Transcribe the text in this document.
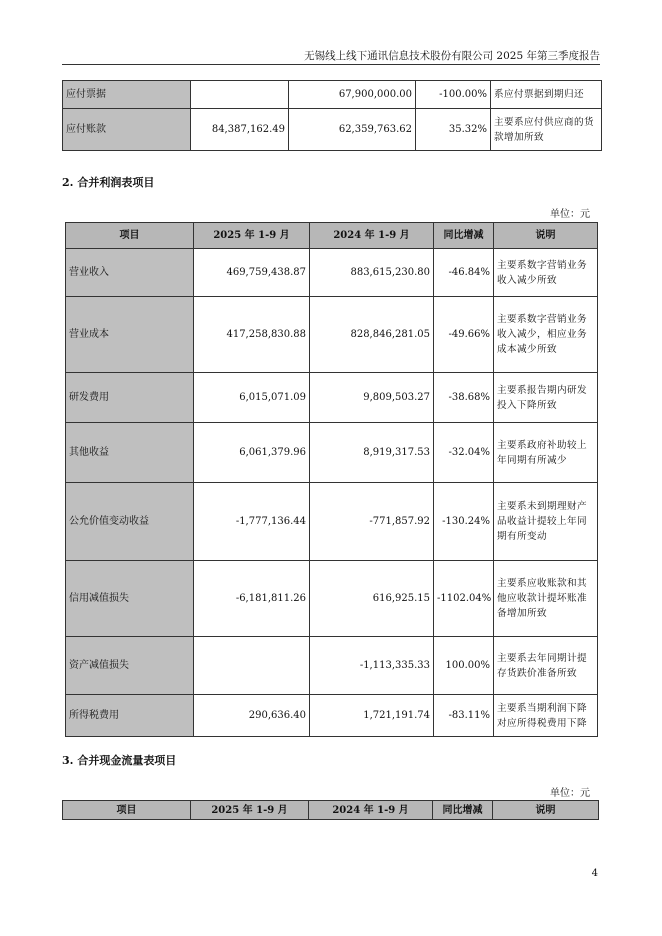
无锡线上线下通讯信息技术股份有限公司 2025 年第三季度报告
应付票据		67,900,000.00	-100.00%	系应付票据到期归还
应付账款	84,387,162.49	62,359,763.62	35.32%	主要系应付供应商的货款增加所致
2. 合并利润表项目
单位：元
项目	2025 年 1-9 月	2024 年 1-9 月	同比增减	说明
营业收入	469,759,438.87	883,615,230.80	-46.84%	主要系数字营销业务收入减少所致
营业成本	417,258,830.88	828,846,281.05	-49.66%	主要系数字营销业务收入减少，相应业务成本减少所致
研发费用	6,015,071.09	9,809,503.27	-38.68%	主要系报告期内研发投入下降所致
其他收益	6,061,379.96	8,919,317.53	-32.04%	主要系政府补助较上年同期有所减少
公允价值变动收益	-1,777,136.44	-771,857.92	-130.24%	主要系未到期理财产品收益计提较上年同期有所变动
信用减值损失	-6,181,811.26	616,925.15	-1102.04%	主要系应收账款和其他应收款计提坏账准备增加所致
资产减值损失		-1,113,335.33	100.00%	主要系去年同期计提存货跌价准备所致
所得税费用	290,636.40	1,721,191.74	-83.11%	主要系当期利润下降对应所得税费用下降
3. 合并现金流量表项目
单位：元
项目	2025 年 1-9 月	2024 年 1-9 月	同比增减	说明
4
